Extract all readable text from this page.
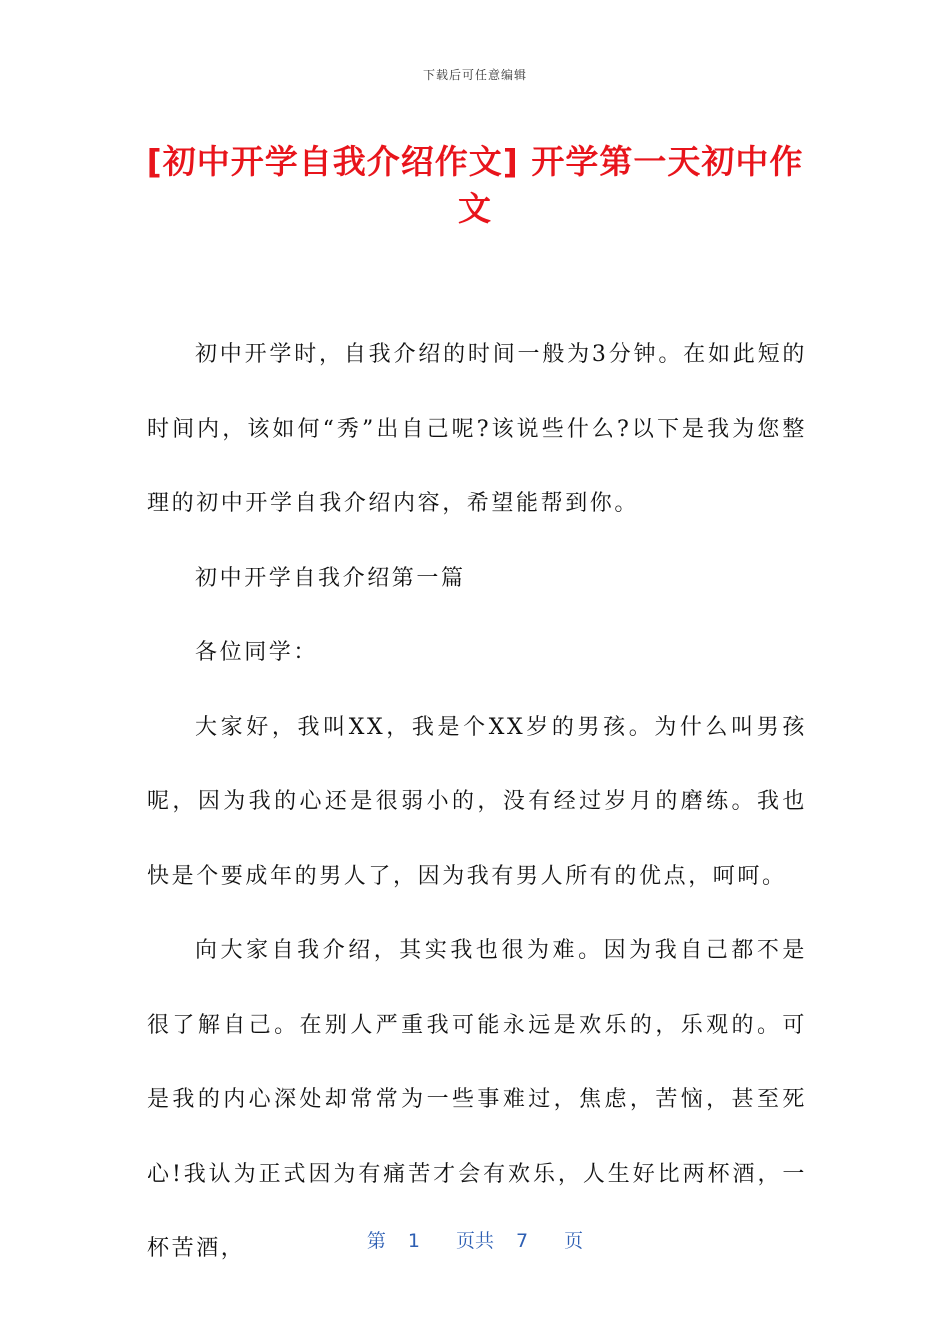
下载后可任意编辑
[初中开学自我介绍作文] 开学第一天初中作文

初中开学时，自我介绍的时间一般为3分钟。在如此短的时间内，该如何“秀”出自己呢?该说些什么?以下是我为您整理的初中开学自我介绍内容，希望能帮到你。

初中开学自我介绍第一篇

各位同学：

大家好，我叫XX，我是个XX岁的男孩。为什么叫男孩呢，因为我的心还是很弱小的，没有经过岁月的磨练。我也快是个要成年的男人了，因为我有男人所有的优点，呵呵。

向大家自我介绍，其实我也很为难。因为我自己都不是很了解自己。在别人严重我可能永远是欢乐的，乐观的。可是我的内心深处却常常为一些事难过，焦虑，苦恼，甚至死心!我认为正式因为有痛苦才会有欢乐，人生好比两杯酒，一杯苦酒，	第 1 页共 7 页
